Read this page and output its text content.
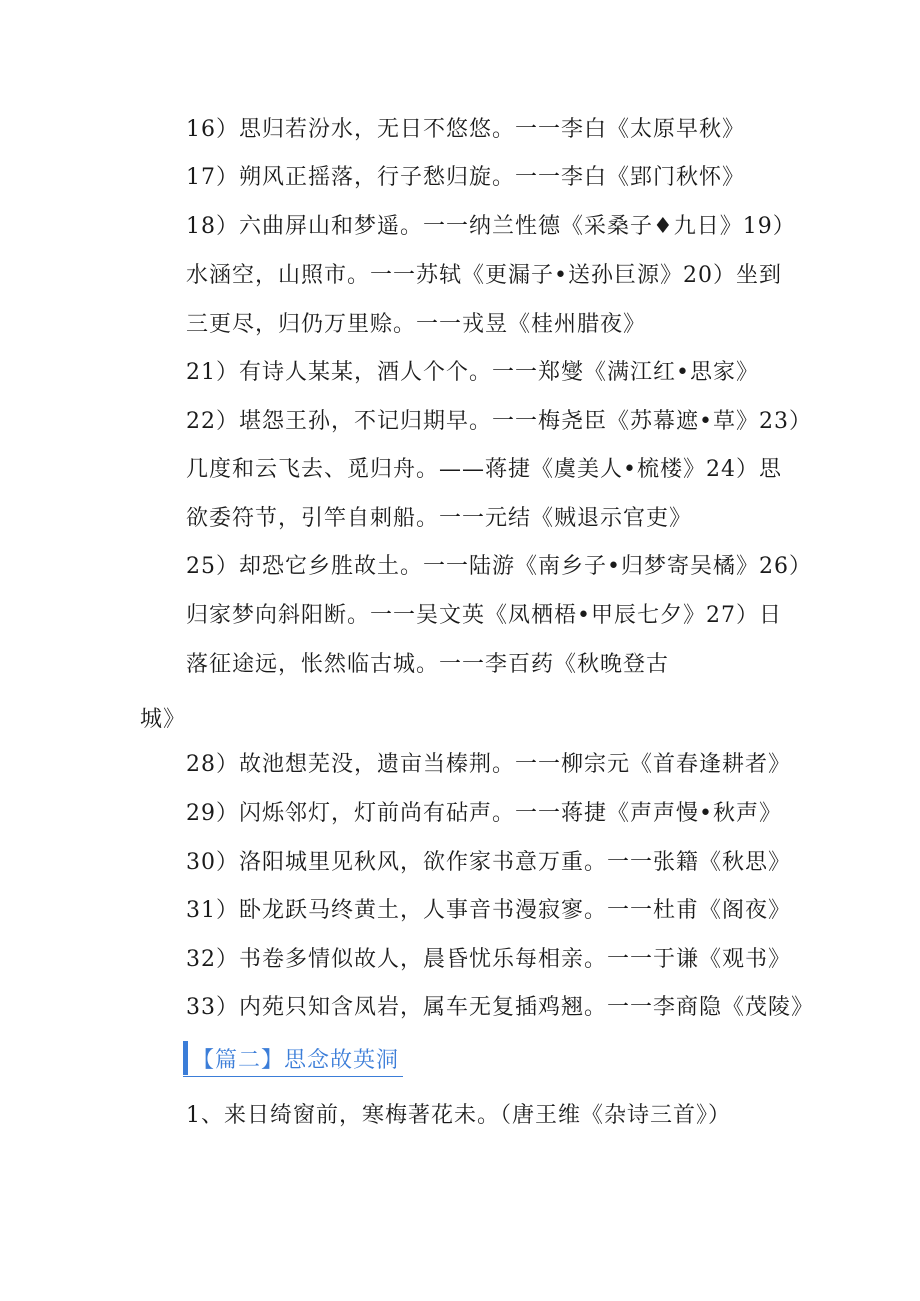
16）思归若汾水，无日不悠悠。一一李白《太原早秋》
17）朔风正摇落，行子愁归旋。一一李白《郢门秋怀》
18）六曲屏山和梦遥。一一纳兰性德《采桑子♦九日》19）
水涵空，山照市。一一苏轼《更漏子•送孙巨源》20）坐到
三更尽，归仍万里赊。一一戎昱《桂州腊夜》
21）有诗人某某，酒人个个。一一郑燮《满江红•思家》
22）堪怨王孙，不记归期早。一一梅尧臣《苏幕遮•草》23）
几度和云飞去、觅归舟。——蒋捷《虞美人•梳楼》24）思
欲委符节，引竿自刺船。一一元结《贼退示官吏》
25）却恐它乡胜故土。一一陆游《南乡子•归梦寄吴橘》26）
归家梦向斜阳断。一一吴文英《凤栖梧•甲辰七夕》27）日
落征途远，怅然临古城。一一李百药《秋晚登古
城》
28）故池想芜没，遗亩当榛荆。一一柳宗元《首春逢耕者》
29）闪烁邻灯，灯前尚有砧声。一一蒋捷《声声慢•秋声》
30）洛阳城里见秋风，欲作家书意万重。一一张籍《秋思》
31）卧龙跃马终黄土，人事音书漫寂寥。一一杜甫《阁夜》
32）书卷多情似故人，晨昏忧乐每相亲。一一于谦《观书》
33）内苑只知含凤岩，属车无复插鸡翘。一一李商隐《茂陵》
【篇二】思念故英洞
1、来日绮窗前，寒梅著花未。（唐王维《杂诗三首》）
